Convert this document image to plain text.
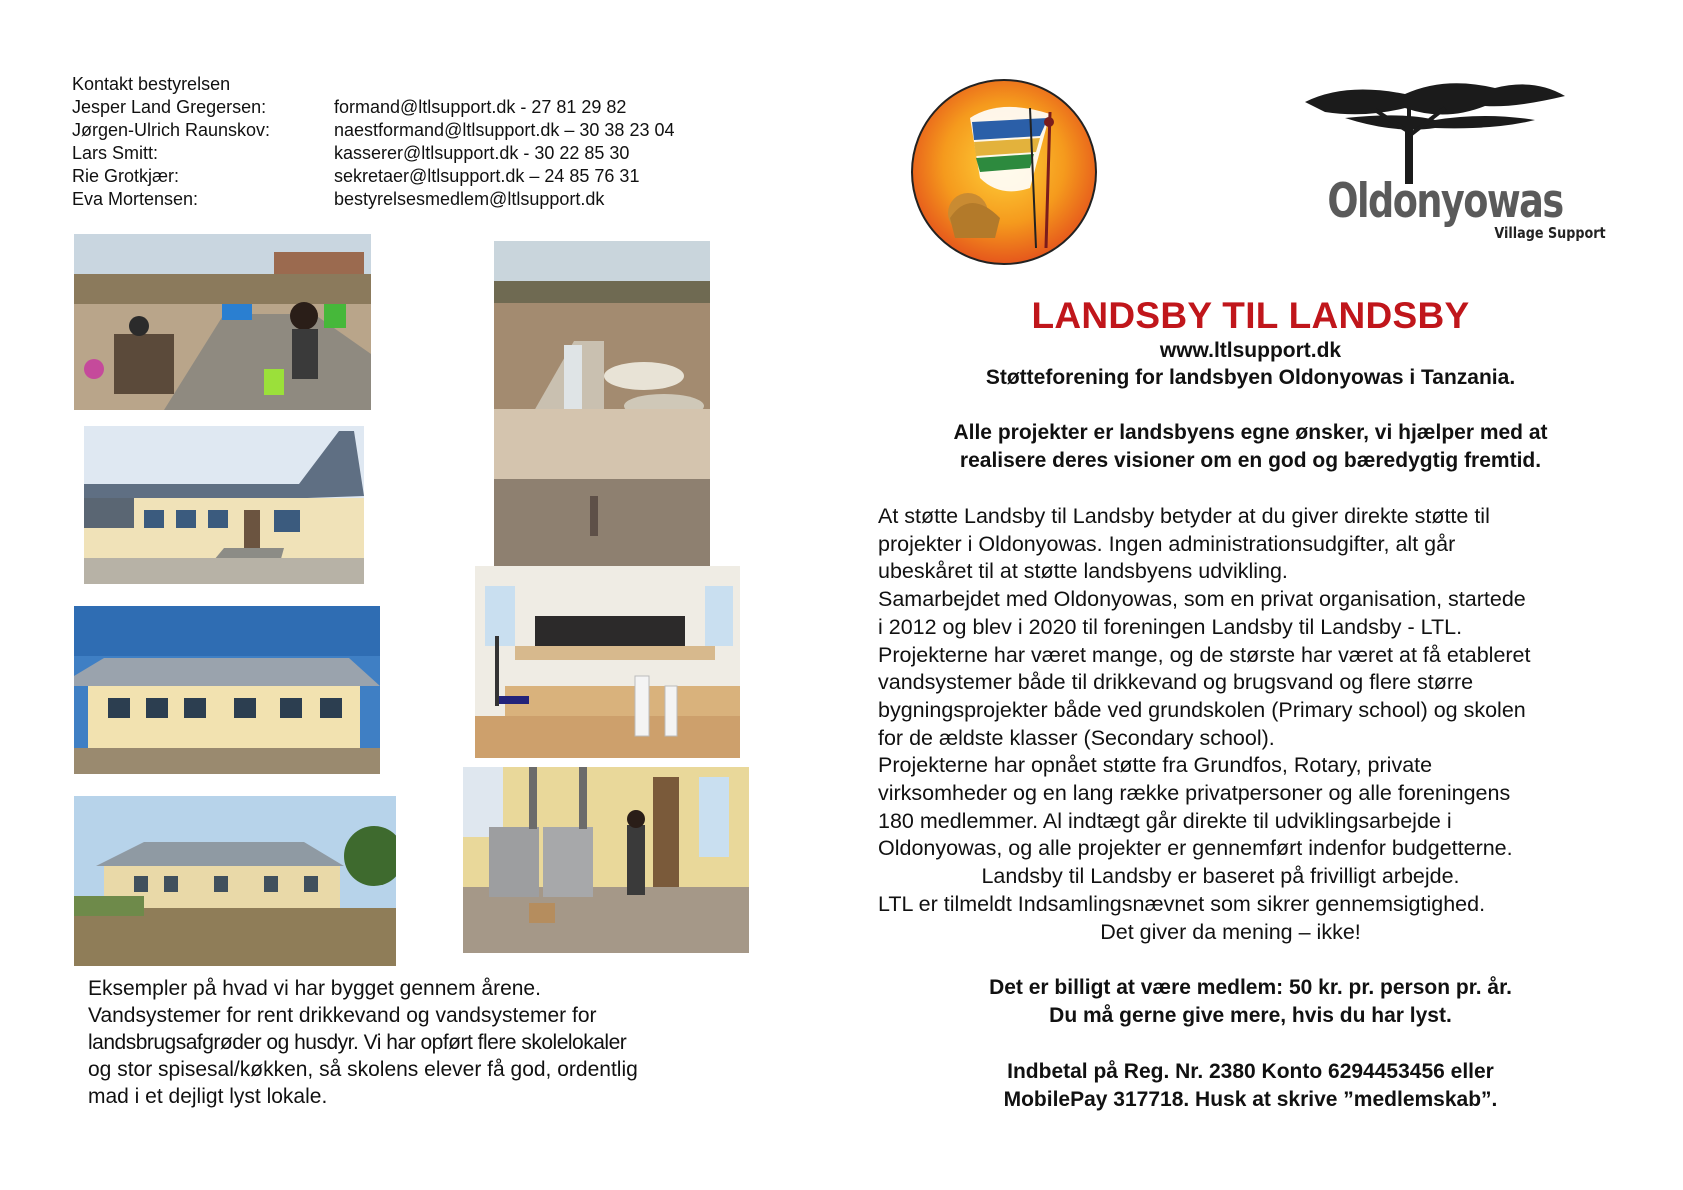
Kontakt bestyrelsen
Jesper Land Gregersen:	formand@ltlsupport.dk - 27 81 29 82
Jørgen-Ulrich Raunskov:	naestformand@ltlsupport.dk – 30 38 23 04
Lars Smitt:	kasserer@ltlsupport.dk - 30 22 85 30
Rie Grotkjær:	sekretaer@ltlsupport.dk – 24 85 76 31
Eva Mortensen:	bestyrelsesmedlem@ltlsupport.dk

Eksempler på hvad vi har bygget gennem årene.

Vandsystemer for rent drikkevand og vandsystemer for

landsbrugsafgrøder og husdyr. Vi har opført flere skolelokaler

og stor spisesal/køkken, så skolens elever få god, ordentlig

mad i et dejligt lyst lokale.

Oldonyowas
Village Support
LANDSBY TIL LANDSBY
www.ltlsupport.dk
Støtteforening for landsbyen Oldonyowas i Tanzania.
Alle projekter er landsbyens egne ønsker, vi hjælper med at
realisere deres visioner om en god og bæredygtig fremtid.

At støtte Landsby til Landsby betyder at du giver direkte støtte til

projekter i Oldonyowas. Ingen administrationsudgifter, alt går

ubeskåret til at støtte landsbyens udvikling.

Samarbejdet med Oldonyowas, som en privat organisation, startede

i 2012 og blev i 2020 til foreningen Landsby til Landsby - LTL.

Projekterne har været mange, og de største har været at få etableret

vandsystemer både til drikkevand og brugsvand og flere større

bygningsprojekter både ved grundskolen (Primary school) og skolen

for de ældste klasser (Secondary school).

Projekterne har opnået støtte fra Grundfos, Rotary, private

virksomheder og en lang række privatpersoner og alle foreningens

180 medlemmer. Al indtægt går direkte til udviklingsarbejde i

Oldonyowas, og alle projekter er gennemført indenfor budgetterne.

Landsby til Landsby er baseret på frivilligt arbejde.

LTL er tilmeldt Indsamlingsnævnet som sikrer gennemsigtighed.

Det giver da mening – ikke!

Det er billigt at være medlem: 50 kr. pr. person pr. år.
Du må gerne give mere, hvis du har lyst.
Indbetal på Reg. Nr. 2380 Konto 6294453456 eller
MobilePay 317718. Husk at skrive ”medlemskab”.
